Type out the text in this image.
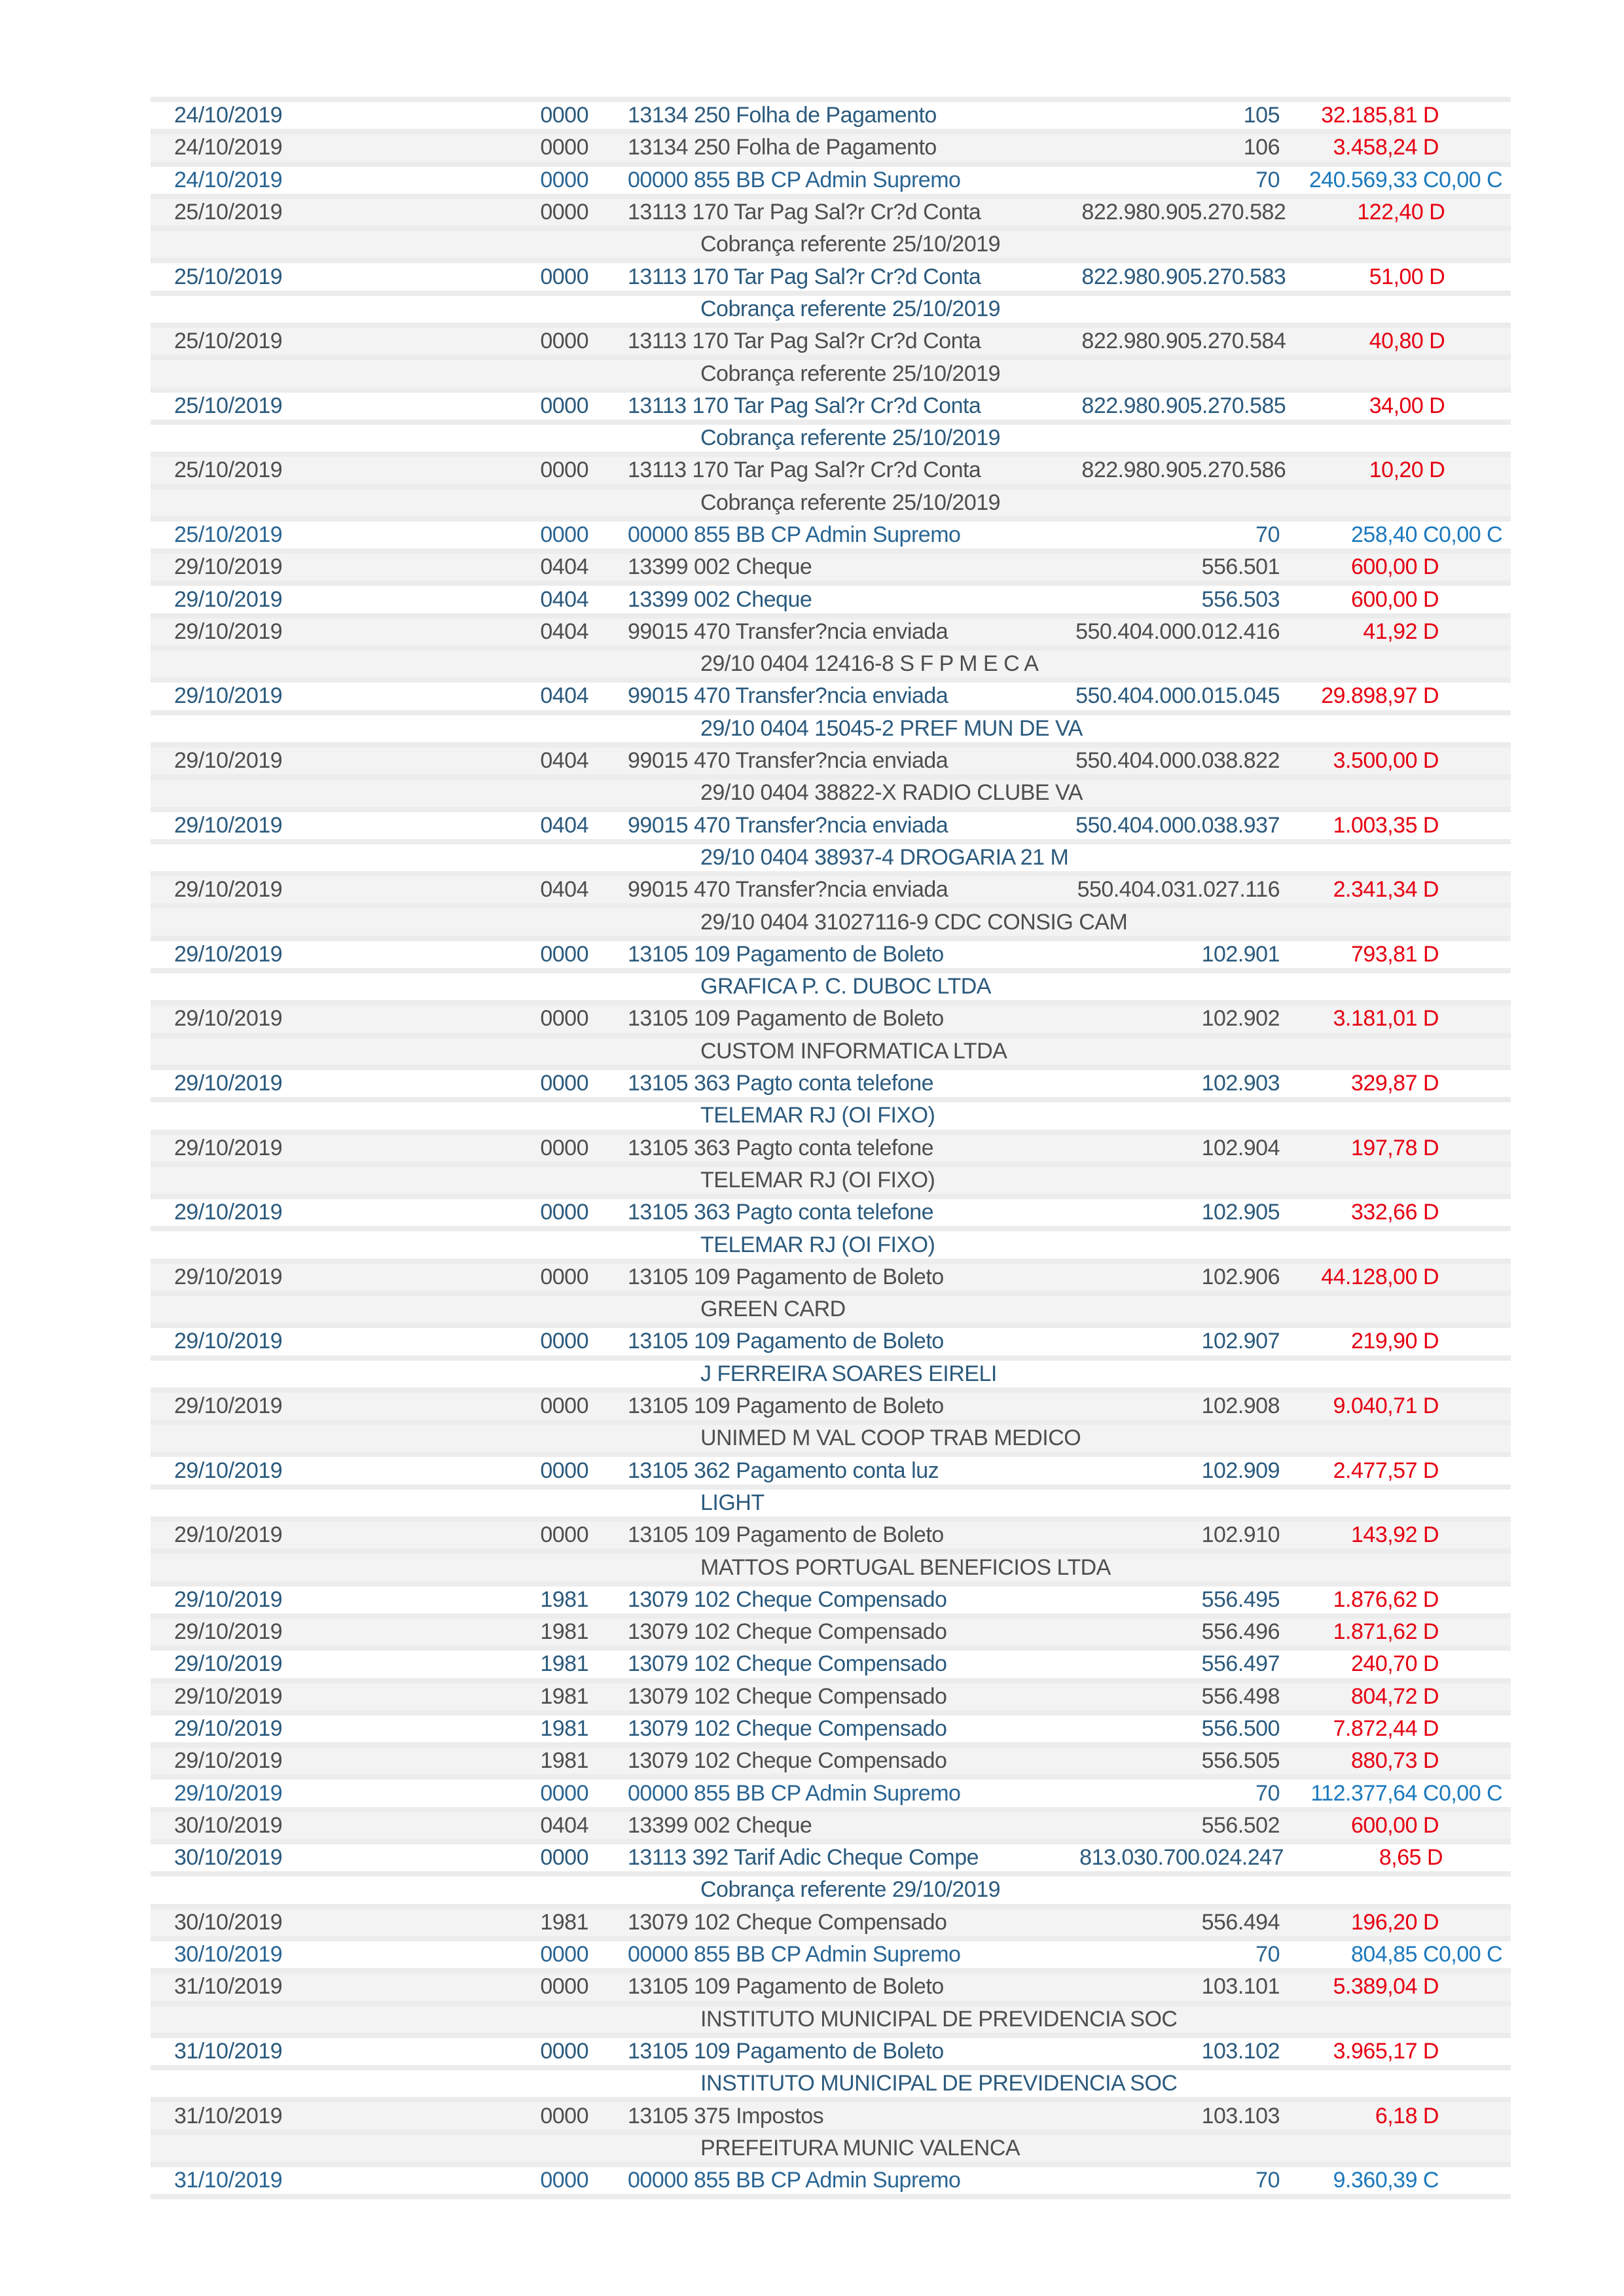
24/10/2019	0000	13134 250 Folha de Pagamento	105	32.185,81 D
24/10/2019	0000	13134 250 Folha de Pagamento	106	3.458,24 D
24/10/2019	0000	00000 855 BB CP Admin Supremo	70	240.569,33 C 0,00 C
25/10/2019	0000	13113 170 Tar Pag Sal?r Cr?d Conta	822.980.905.270.582	122,40 D
Cobrança referente 25/10/2019
25/10/2019	0000	13113 170 Tar Pag Sal?r Cr?d Conta	822.980.905.270.583	51,00 D
Cobrança referente 25/10/2019
25/10/2019	0000	13113 170 Tar Pag Sal?r Cr?d Conta	822.980.905.270.584	40,80 D
Cobrança referente 25/10/2019
25/10/2019	0000	13113 170 Tar Pag Sal?r Cr?d Conta	822.980.905.270.585	34,00 D
Cobrança referente 25/10/2019
25/10/2019	0000	13113 170 Tar Pag Sal?r Cr?d Conta	822.980.905.270.586	10,20 D
Cobrança referente 25/10/2019
25/10/2019	0000	00000 855 BB CP Admin Supremo	70	258,40 C 0,00 C
29/10/2019	0404	13399 002 Cheque	556.501	600,00 D
29/10/2019	0404	13399 002 Cheque	556.503	600,00 D
29/10/2019	0404	99015 470 Transfer?ncia enviada	550.404.000.012.416	41,92 D
29/10 0404 12416-8 S F P M E C A
29/10/2019	0404	99015 470 Transfer?ncia enviada	550.404.000.015.045	29.898,97 D
29/10 0404 15045-2 PREF MUN DE VA
29/10/2019	0404	99015 470 Transfer?ncia enviada	550.404.000.038.822	3.500,00 D
29/10 0404 38822-X RADIO CLUBE VA
29/10/2019	0404	99015 470 Transfer?ncia enviada	550.404.000.038.937	1.003,35 D
29/10 0404 38937-4 DROGARIA 21 M
29/10/2019	0404	99015 470 Transfer?ncia enviada	550.404.031.027.116	2.341,34 D
29/10 0404 31027116-9 CDC CONSIG CAM
29/10/2019	0000	13105 109 Pagamento de Boleto	102.901	793,81 D
GRAFICA P. C. DUBOC LTDA
29/10/2019	0000	13105 109 Pagamento de Boleto	102.902	3.181,01 D
CUSTOM INFORMATICA LTDA
29/10/2019	0000	13105 363 Pagto conta telefone	102.903	329,87 D
TELEMAR RJ (OI FIXO)
29/10/2019	0000	13105 363 Pagto conta telefone	102.904	197,78 D
TELEMAR RJ (OI FIXO)
29/10/2019	0000	13105 363 Pagto conta telefone	102.905	332,66 D
TELEMAR RJ (OI FIXO)
29/10/2019	0000	13105 109 Pagamento de Boleto	102.906	44.128,00 D
GREEN CARD
29/10/2019	0000	13105 109 Pagamento de Boleto	102.907	219,90 D
J FERREIRA SOARES EIRELI
29/10/2019	0000	13105 109 Pagamento de Boleto	102.908	9.040,71 D
UNIMED M VAL COOP TRAB MEDICO
29/10/2019	0000	13105 362 Pagamento conta luz	102.909	2.477,57 D
LIGHT
29/10/2019	0000	13105 109 Pagamento de Boleto	102.910	143,92 D
MATTOS PORTUGAL BENEFICIOS LTDA
29/10/2019	1981	13079 102 Cheque Compensado	556.495	1.876,62 D
29/10/2019	1981	13079 102 Cheque Compensado	556.496	1.871,62 D
29/10/2019	1981	13079 102 Cheque Compensado	556.497	240,70 D
29/10/2019	1981	13079 102 Cheque Compensado	556.498	804,72 D
29/10/2019	1981	13079 102 Cheque Compensado	556.500	7.872,44 D
29/10/2019	1981	13079 102 Cheque Compensado	556.505	880,73 D
29/10/2019	0000	00000 855 BB CP Admin Supremo	70	112.377,64 C 0,00 C
30/10/2019	0404	13399 002 Cheque	556.502	600,00 D
30/10/2019	0000	13113 392 Tarif Adic Cheque Compe	813.030.700.024.247	8,65 D
Cobrança referente 29/10/2019
30/10/2019	1981	13079 102 Cheque Compensado	556.494	196,20 D
30/10/2019	0000	00000 855 BB CP Admin Supremo	70	804,85 C 0,00 C
31/10/2019	0000	13105 109 Pagamento de Boleto	103.101	5.389,04 D
INSTITUTO MUNICIPAL DE PREVIDENCIA SOC
31/10/2019	0000	13105 109 Pagamento de Boleto	103.102	3.965,17 D
INSTITUTO MUNICIPAL DE PREVIDENCIA SOC
31/10/2019	0000	13105 375 Impostos	103.103	6,18 D
PREFEITURA MUNIC VALENCA
31/10/2019	0000	00000 855 BB CP Admin Supremo	70	9.360,39 C
